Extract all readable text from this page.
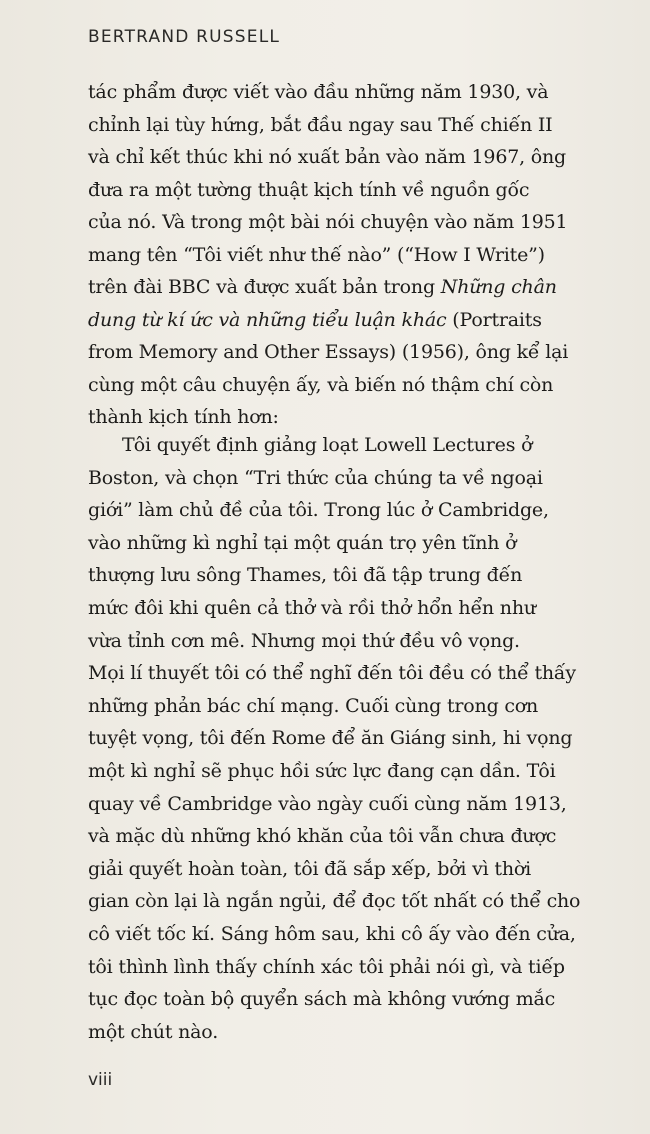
BERTRAND RUSSELL
tác phẩm được viết vào đầu những năm 1930, và
chỉnh lại tùy hứng, bắt đầu ngay sau Thế chiến II
và chỉ kết thúc khi nó xuất bản vào năm 1967, ông
đưa ra một tường thuật kịch tính về nguồn gốc
của nó. Và trong một bài nói chuyện vào năm 1951
mang tên “Tôi viết như thế nào” (“How I Write”)
trên đài BBC và được xuất bản trong Những chân
dung từ kí ức và những tiểu luận khác (Portraits
from Memory and Other Essays) (1956), ông kể lại
cùng một câu chuyện ấy, và biến nó thậm chí còn
thành kịch tính hơn:
Tôi quyết định giảng loạt Lowell Lectures ở
Boston, và chọn “Tri thức của chúng ta về ngoại
giới” làm chủ đề của tôi. Trong lúc ở Cambridge,
vào những kì nghỉ tại một quán trọ yên tĩnh ở
thượng lưu sông Thames, tôi đã tập trung đến
mức đôi khi quên cả thở và rồi thở hổn hển như
vừa tỉnh cơn mê. Nhưng mọi thứ đều vô vọng.
Mọi lí thuyết tôi có thể nghĩ đến tôi đều có thể thấy
những phản bác chí mạng. Cuối cùng trong cơn
tuyệt vọng, tôi đến Rome để ăn Giáng sinh, hi vọng
một kì nghỉ sẽ phục hồi sức lực đang cạn dần. Tôi
quay về Cambridge vào ngày cuối cùng năm 1913,
và mặc dù những khó khăn của tôi vẫn chưa được
giải quyết hoàn toàn, tôi đã sắp xếp, bởi vì thời
gian còn lại là ngắn ngủi, để đọc tốt nhất có thể cho
cô viết tốc kí. Sáng hôm sau, khi cô ấy vào đến cửa,
tôi thình lình thấy chính xác tôi phải nói gì, và tiếp
tục đọc toàn bộ quyển sách mà không vướng mắc
một chút nào.
viii
